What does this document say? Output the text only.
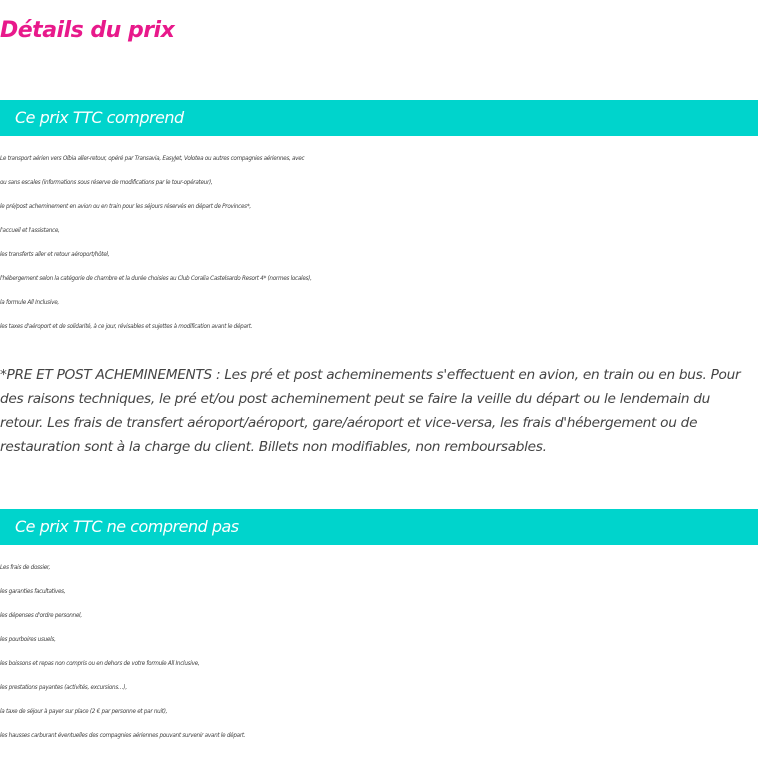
Détails du prix
Ce prix TTC comprend
Le transport aérien vers Olbia aller-retour, opéré par Transavia, EasyJet, Volotea ou autres compagnies aériennes, avec
ou sans escales (informations sous réserve de modifications par le tour-opérateur),
le pré/post acheminement en avion ou en train pour les séjours réservés en départ de Provinces*,
l'accueil et l'assistance,
les transferts aller et retour aéroport/hôtel,
l'hébergement selon la catégorie de chambre et la durée choisies au Club Coralia Castelsardo Resort 4* (normes locales),
la formule All Inclusive,
les taxes d'aéroport et de solidarité, à ce jour, révisables et sujettes à modification avant le départ.
*PRE ET POST ACHEMINEMENTS : Les pré et post acheminements s'effectuent en avion, en train ou en bus. Pour des raisons techniques, le pré et/ou post acheminement peut se faire la veille du départ ou le lendemain du retour. Les frais de transfert aéroport/aéroport, gare/aéroport et vice-versa, les frais d'hébergement ou de restauration sont à la charge du client. Billets non modifiables, non remboursables.
Ce prix TTC ne comprend pas
Les frais de dossier,
les garanties facultatives,
les dépenses d'ordre personnel,
les pourboires usuels,
les boissons et repas non compris ou en dehors de votre formule All Inclusive,
les prestations payantes (activités, excursions…),
la taxe de séjour à payer sur place (2 € par personne et par nuit),
les hausses carburant éventuelles des compagnies aériennes pouvant survenir avant le départ.
